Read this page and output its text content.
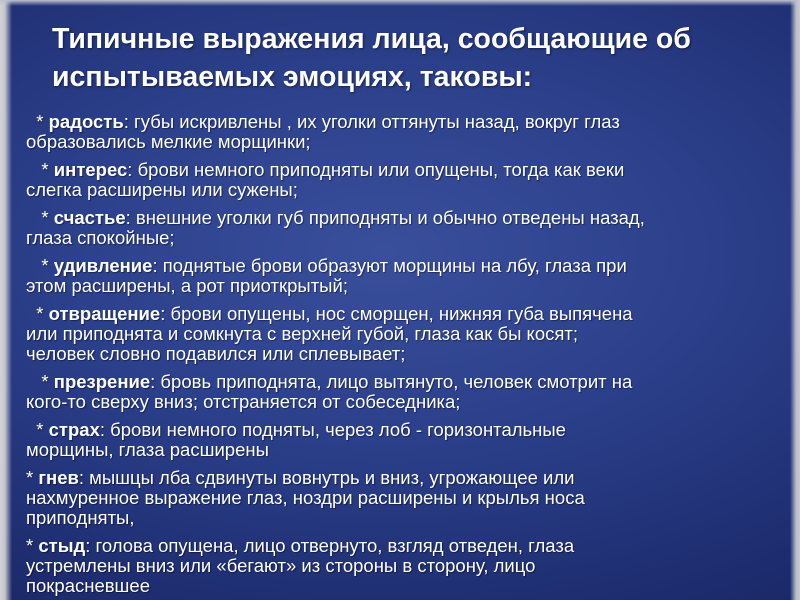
Типичные выражения лица, сообщающие об
испытываемых эмоциях, таковы:
* радость: губы искривлены , их уголки оттянуты назад, вокруг глаз
образовались мелкие морщинки;
* интерес: брови немного приподняты или опущены, тогда как веки
слегка расширены или сужены;
* счастье: внешние уголки губ приподняты и обычно отведены назад,
глаза спокойные;
* удивление: поднятые брови образуют морщины на лбу, глаза при
этом расширены, а рот приоткрытый;
* отвращение: брови опущены, нос сморщен, нижняя губа выпячена
или приподнята и сомкнута с верхней губой, глаза как бы косят;
человек словно подавился или сплевывает;
* презрение: бровь приподнята, лицо вытянуто, человек смотрит на
кого-то сверху вниз; отстраняется от собеседника;
* страх: брови немного подняты, через лоб - горизонтальные
морщины, глаза расширены
* гнев: мышцы лба сдвинуты вовнутрь и вниз, угрожающее или
нахмуренное выражение глаз, ноздри расширены и крылья носа
приподняты,
* стыд: голова опущена, лицо отвернуто, взгляд отведен, глаза
устремлены вниз или «бегают» из стороны в сторону, лицо
покрасневшее
